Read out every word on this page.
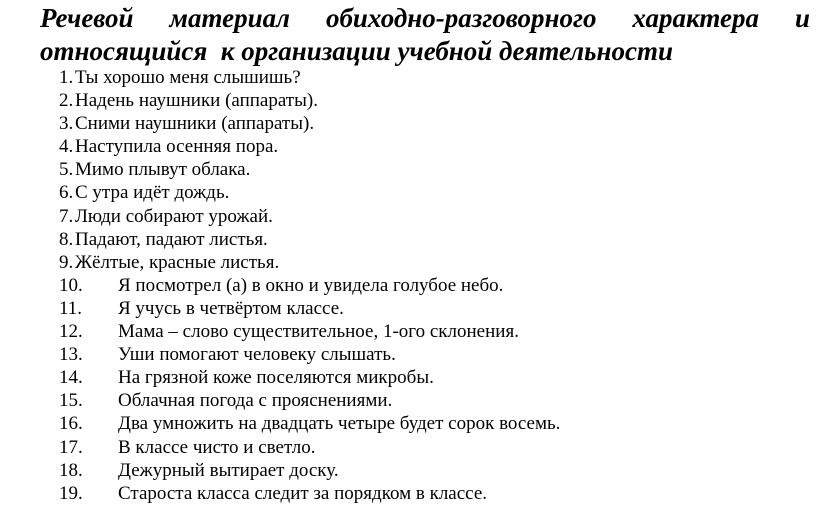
Речевой материал обиходно-разговорного характера и
относящийся  к организации учебной деятельности
1. Ты хорошо меня слышишь?
2. Надень наушники (аппараты).
3. Сними наушники (аппараты).
4. Наступила осенняя пора.
5. Мимо плывут облака.
6. С утра идёт дождь.
7. Люди собирают урожай.
8. Падают, падают листья.
9. Жёлтые, красные листья.
10.	Я посмотрел (а) в окно и увидела голубое небо.
11.	Я учусь в четвёртом классе.
12.	Мама – слово существительное, 1-ого склонения.
13.	Уши помогают человеку слышать.
14.	На грязной коже поселяются микробы.
15.	Облачная погода с прояснениями.
16.	Два умножить на двадцать четыре будет сорок восемь.
17.	В классе чисто и светло.
18.	Дежурный вытирает доску.
19.	Староста класса следит за порядком в классе.
